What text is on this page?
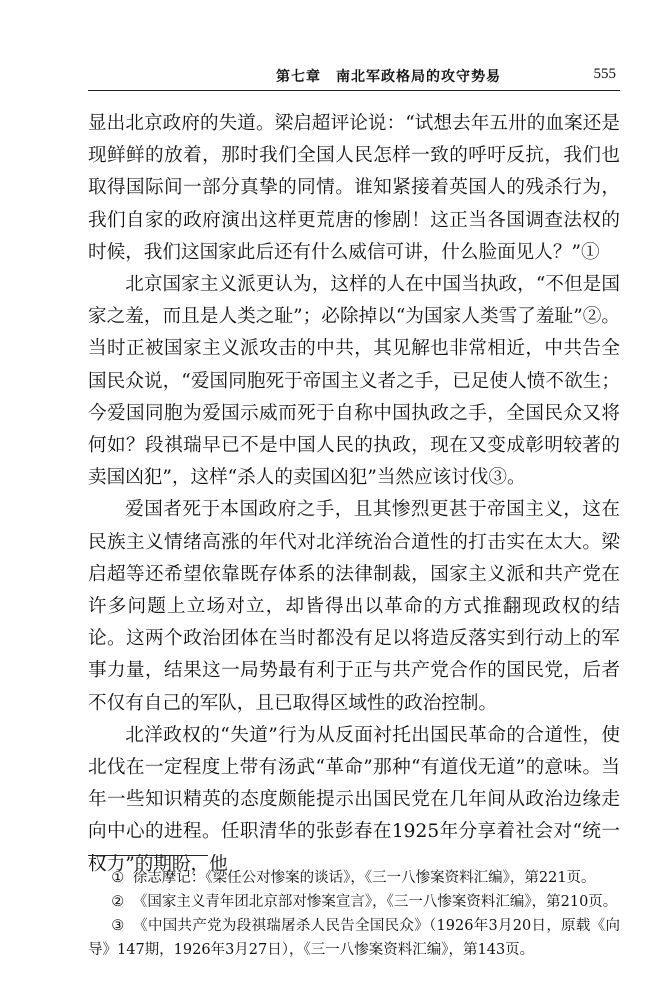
第七章　南北军政格局的攻守势易	555

显出北京政府的失道。梁启超评论说：“试想去年五卅的血案还是现鲜鲜的放着，那时我们全国人民怎样一致的呼吁反抗，我们也取得国际间一部分真挚的同情。谁知紧接着英国人的残杀行为，我们自家的政府演出这样更荒唐的惨剧！这正当各国调查法权的时候，我们这国家此后还有什么威信可讲，什么脸面见人？”①

北京国家主义派更认为，这样的人在中国当执政，“不但是国家之羞，而且是人类之耻”；必除掉以“为国家人类雪了羞耻”②。当时正被国家主义派攻击的中共，其见解也非常相近，中共告全国民众说，“爱国同胞死于帝国主义者之手，已足使人愤不欲生；今爱国同胞为爱国示威而死于自称中国执政之手，全国民众又将何如？段祺瑞早已不是中国人民的执政，现在又变成彰明较著的卖国凶犯”，这样“杀人的卖国凶犯”当然应该讨伐③。

爱国者死于本国政府之手，且其惨烈更甚于帝国主义，这在民族主义情绪高涨的年代对北洋统治合道性的打击实在太大。梁启超等还希望依靠既存体系的法律制裁，国家主义派和共产党在许多问题上立场对立，却皆得出以革命的方式推翻现政权的结论。这两个政治团体在当时都没有足以将造反落实到行动上的军事力量，结果这一局势最有利于正与共产党合作的国民党，后者不仅有自己的军队，且已取得区域性的政治控制。

北洋政权的“失道”行为从反面衬托出国民革命的合道性，使北伐在一定程度上带有汤武“革命”那种“有道伐无道”的意味。当年一些知识精英的态度颇能提示出国民党在几年间从政治边缘走向中心的进程。任职清华的张彭春在1925年分享着社会对“统一权力”的期盼，他

① 徐志摩记：《梁任公对惨案的谈话》，《三一八惨案资料汇编》，第221页。

② 《国家主义青年团北京部对惨案宣言》，《三一八惨案资料汇编》，第210页。

③ 《中国共产党为段祺瑞屠杀人民告全国民众》（1926年3月20日，原载《向导》147期，1926年3月27日），《三一八惨案资料汇编》，第143页。
